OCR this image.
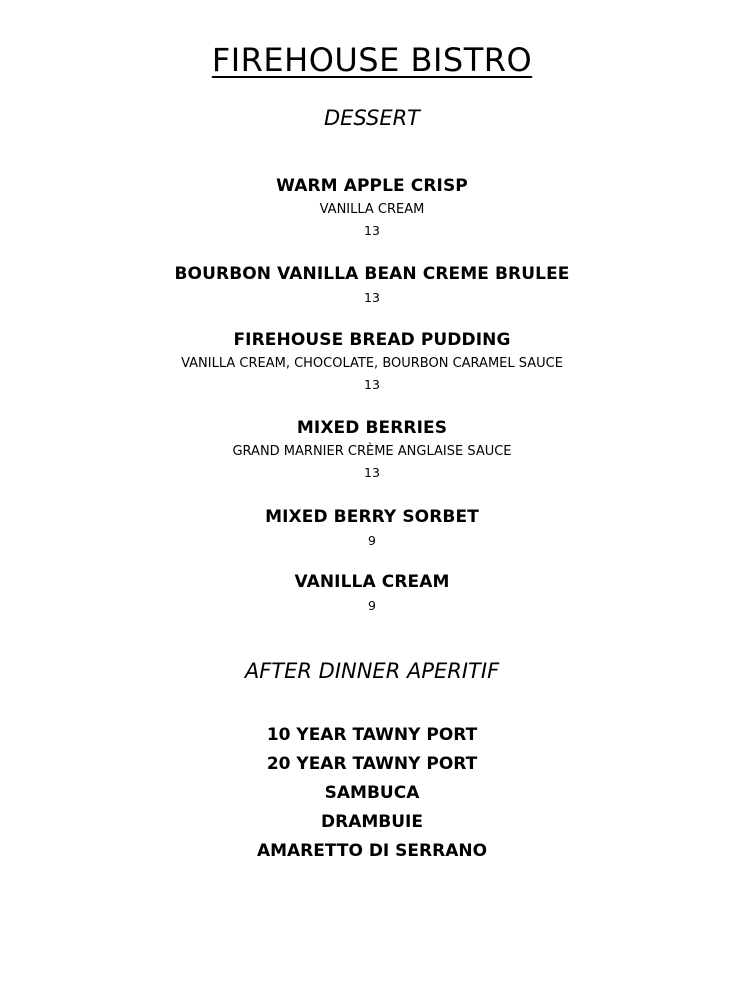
FIREHOUSE BISTRO
DESSERT
WARM APPLE CRISP
VANILLA CREAM
13
BOURBON VANILLA BEAN CREME BRULEE
13
FIREHOUSE BREAD PUDDING
VANILLA CREAM, CHOCOLATE, BOURBON CARAMEL SAUCE
13
MIXED BERRIES
GRAND MARNIER CRÈME ANGLAISE SAUCE
13
MIXED BERRY SORBET
9
VANILLA CREAM
9
AFTER DINNER APERITIF
10 YEAR TAWNY PORT
20 YEAR TAWNY PORT
SAMBUCA
DRAMBUIE
AMARETTO DI SERRANO
